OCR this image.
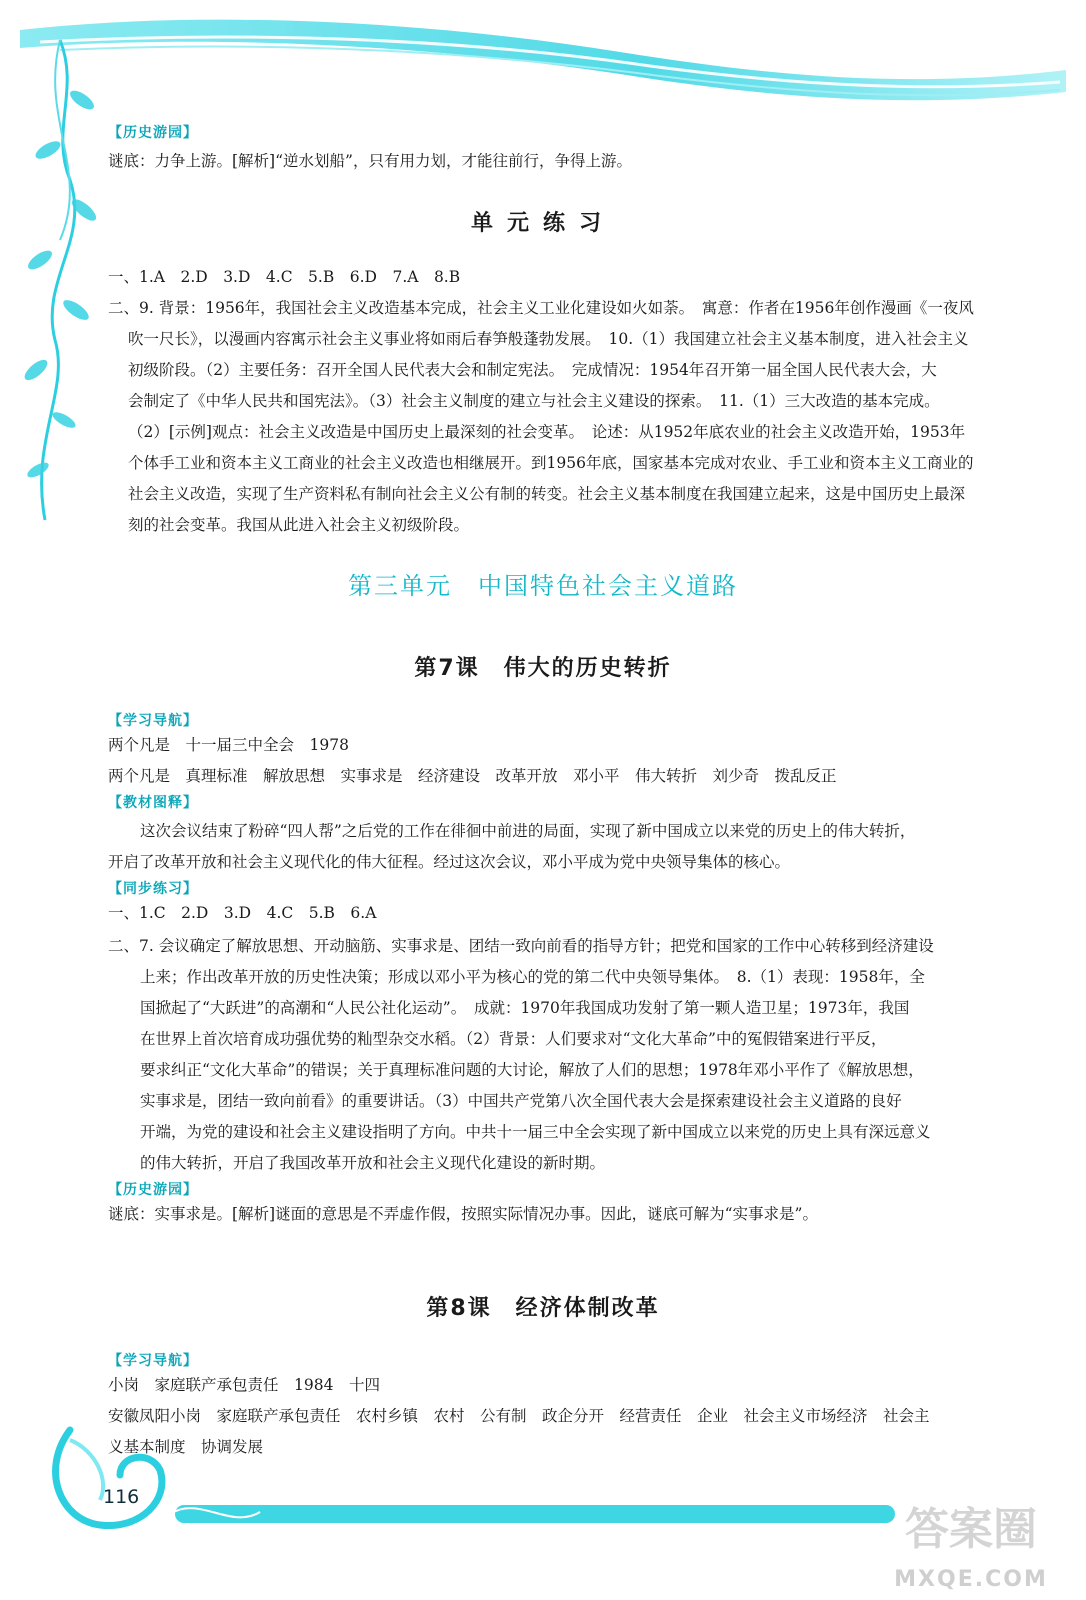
116
【历史游园】
谜底：力争上游。[解析]“逆水划船”，只有用力划，才能往前行，争得上游。
单元练习
一、1.A　2.D　3.D　4.C　5.B　6.D　7.A　8.B
二、9. 背景：1956年，我国社会主义改造基本完成，社会主义工业化建设如火如荼。　寓意：作者在1956年创作漫画《一夜风
吹一尺长》，以漫画内容寓示社会主义事业将如雨后春笋般蓬勃发展。　10.（1）我国建立社会主义基本制度，进入社会主义
初级阶段。（2）主要任务：召开全国人民代表大会和制定宪法。　完成情况：1954年召开第一届全国人民代表大会，大
会制定了《中华人民共和国宪法》。（3）社会主义制度的建立与社会主义建设的探索。　11.（1）三大改造的基本完成。
（2）[示例]观点：社会主义改造是中国历史上最深刻的社会变革。　论述：从1952年底农业的社会主义改造开始，1953年
个体手工业和资本主义工商业的社会主义改造也相继展开。到1956年底，国家基本完成对农业、手工业和资本主义工商业的
社会主义改造，实现了生产资料私有制向社会主义公有制的转变。社会主义基本制度在我国建立起来，这是中国历史上最深
刻的社会变革。我国从此进入社会主义初级阶段。
第三单元　中国特色社会主义道路
第7课　伟大的历史转折
【学习导航】
两个凡是　十一届三中全会　1978
两个凡是　真理标准　解放思想　实事求是　经济建设　改革开放　邓小平　伟大转折　刘少奇　拨乱反正
【教材图释】
这次会议结束了粉碎“四人帮”之后党的工作在徘徊中前进的局面，实现了新中国成立以来党的历史上的伟大转折，
开启了改革开放和社会主义现代化的伟大征程。经过这次会议，邓小平成为党中央领导集体的核心。
【同步练习】
一、1.C　2.D　3.D　4.C　5.B　6.A
二、7. 会议确定了解放思想、开动脑筋、实事求是、团结一致向前看的指导方针；把党和国家的工作中心转移到经济建设
上来；作出改革开放的历史性决策；形成以邓小平为核心的党的第二代中央领导集体。　8.（1）表现：1958年，全
国掀起了“大跃进”的高潮和“人民公社化运动”。　成就：1970年我国成功发射了第一颗人造卫星；1973年，我国
在世界上首次培育成功强优势的籼型杂交水稻。（2）背景：人们要求对“文化大革命”中的冤假错案进行平反，
要求纠正“文化大革命”的错误；关于真理标准问题的大讨论，解放了人们的思想；1978年邓小平作了《解放思想，
实事求是，团结一致向前看》的重要讲话。（3）中国共产党第八次全国代表大会是探索建设社会主义道路的良好
开端，为党的建设和社会主义建设指明了方向。中共十一届三中全会实现了新中国成立以来党的历史上具有深远意义
的伟大转折，开启了我国改革开放和社会主义现代化建设的新时期。
【历史游园】
谜底：实事求是。[解析]谜面的意思是不弄虚作假，按照实际情况办事。因此，谜底可解为“实事求是”。
第8课　经济体制改革
【学习导航】
小岗　家庭联产承包责任　1984　十四
安徽凤阳小岗　家庭联产承包责任　农村乡镇　农村　公有制　政企分开　经营责任　企业　社会主义市场经济　社会主
义基本制度　协调发展
答案圈
MXQE.COM
